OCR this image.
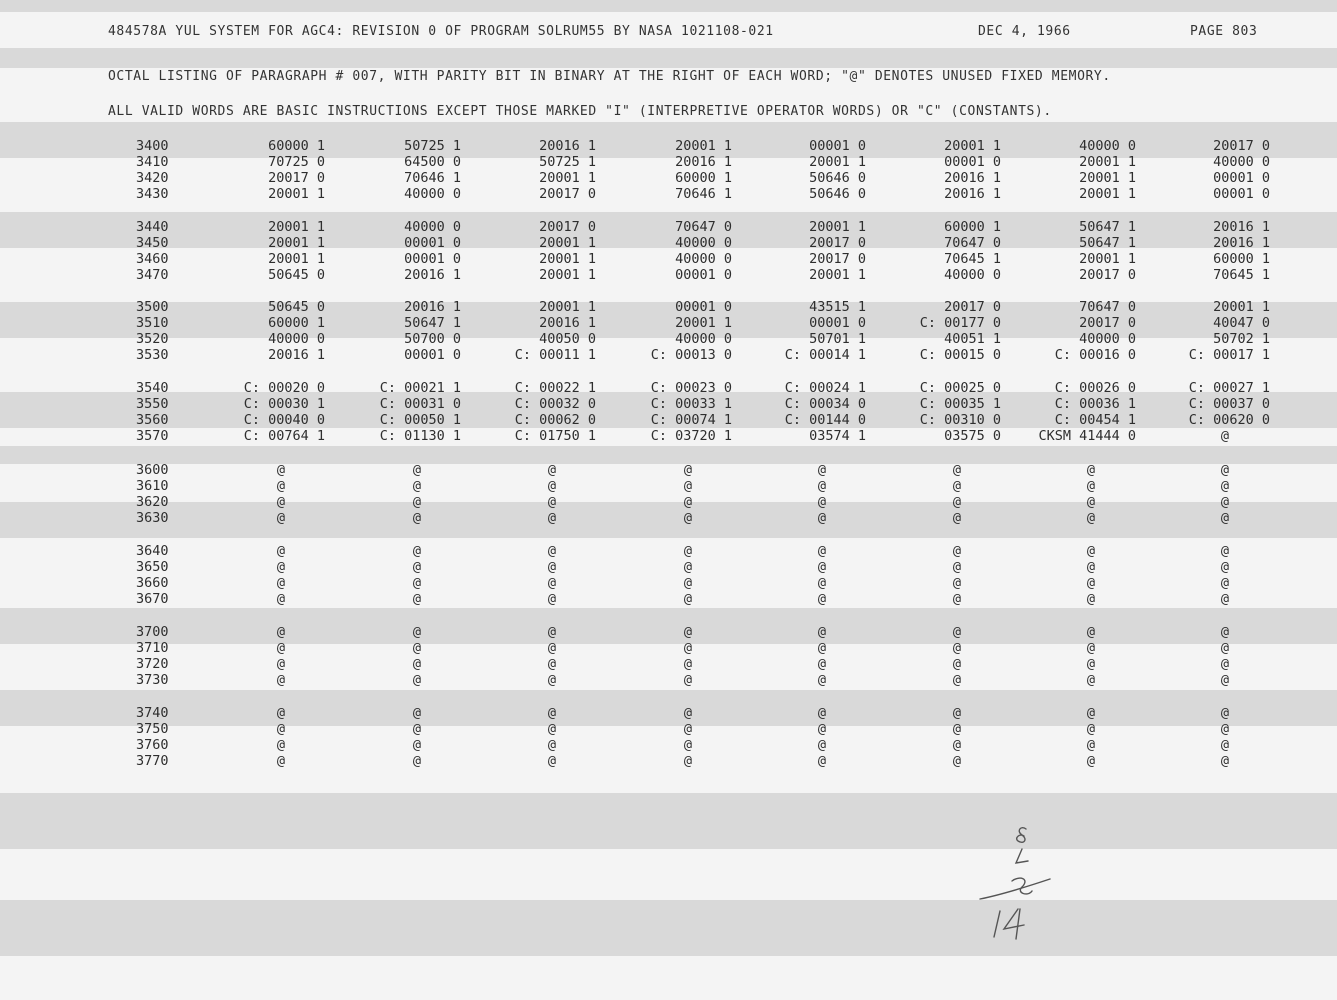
484578A YUL SYSTEM FOR AGC4: REVISION 0 OF PROGRAM SOLRUM55 BY NASA 1021108-021

	DEC 4, 1966

	PAGE 803

OCTAL LISTING OF PARAGRAPH # 007, WITH PARITY BIT IN BINARY AT THE RIGHT OF EACH WORD; "@" DENOTES UNUSED FIXED MEMORY.
ALL VALID WORDS ARE BASIC INSTRUCTIONS EXCEPT THOSE MARKED "I" (INTERPRETIVE OPERATOR WORDS) OR "C" (CONSTANTS).
3400	60000 1	50725 1	20016 1	20001 1	00001 0	20001 1	40000 0	20017 0
3410	70725 0	64500 0	50725 1	20016 1	20001 1	00001 0	20001 1	40000 0
3420	20017 0	70646 1	20001 1	60000 1	50646 0	20016 1	20001 1	00001 0
3430	20001 1	40000 0	20017 0	70646 1	50646 0	20016 1	20001 1	00001 0
3440	20001 1	40000 0	20017 0	70647 0	20001 1	60000 1	50647 1	20016 1
3450	20001 1	00001 0	20001 1	40000 0	20017 0	70647 0	50647 1	20016 1
3460	20001 1	00001 0	20001 1	40000 0	20017 0	70645 1	20001 1	60000 1
3470	50645 0	20016 1	20001 1	00001 0	20001 1	40000 0	20017 0	70645 1
3500	50645 0	20016 1	20001 1	00001 0	43515 1	20017 0	70647 0	20001 1
3510	60000 1	50647 1	20016 1	20001 1	00001 0	C: 00177 0	20017 0	40047 0
3520	40000 0	50700 0	40050 0	40000 0	50701 1	40051 1	40000 0	50702 1
3530	20016 1	00001 0	C: 00011 1	C: 00013 0	C: 00014 1	C: 00015 0	C: 00016 0	C: 00017 1
3540	C: 00020 0	C: 00021 1	C: 00022 1	C: 00023 0	C: 00024 1	C: 00025 0	C: 00026 0	C: 00027 1
3550	C: 00030 1	C: 00031 0	C: 00032 0	C: 00033 1	C: 00034 0	C: 00035 1	C: 00036 1	C: 00037 0
3560	C: 00040 0	C: 00050 1	C: 00062 0	C: 00074 1	C: 00144 0	C: 00310 0	C: 00454 1	C: 00620 0
3570	C: 00764 1	C: 01130 1	C: 01750 1	C: 03720 1	03574 1	03575 0	CKSM 41444 0	@
3600	@	@	@	@	@	@	@	@
3610	@	@	@	@	@	@	@	@
3620	@	@	@	@	@	@	@	@
3630	@	@	@	@	@	@	@	@
3640	@	@	@	@	@	@	@	@
3650	@	@	@	@	@	@	@	@
3660	@	@	@	@	@	@	@	@
3670	@	@	@	@	@	@	@	@
3700	@	@	@	@	@	@	@	@
3710	@	@	@	@	@	@	@	@
3720	@	@	@	@	@	@	@	@
3730	@	@	@	@	@	@	@	@
3740	@	@	@	@	@	@	@	@
3750	@	@	@	@	@	@	@	@
3760	@	@	@	@	@	@	@	@
3770	@	@	@	@	@	@	@	@
